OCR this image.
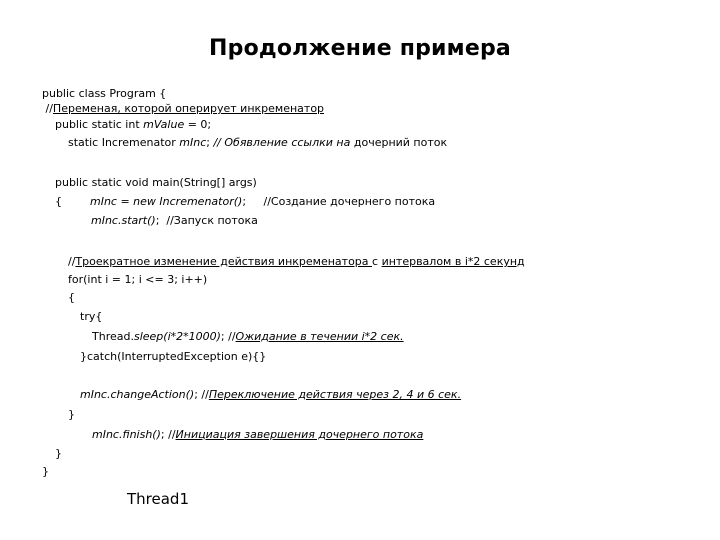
Продолжение примера
public class Program {
//Переменая, которой оперирует инкременатор
public static int mValue = 0;
static Incremenator mInc; // Обявление ссылки на дочерний поток
public static void main(String[] args)
{        mInc = new Incremenator();     //Создание дочернего потока
mInc.start();  //Запуск потока
//Троекратное изменение действия инкременатора с интервалом в i*2 секунд
for(int i = 1; i <= 3; i++)
{
try{
Thread.sleep(i*2*1000); //Ожидание в течении i*2 сек.
}catch(InterruptedException e){}
mInc.changeAction(); //Переключение действия через 2, 4 и 6 сек.
}
mInc.finish(); //Инициация завершения дочернего потока
}
}
Thread1
